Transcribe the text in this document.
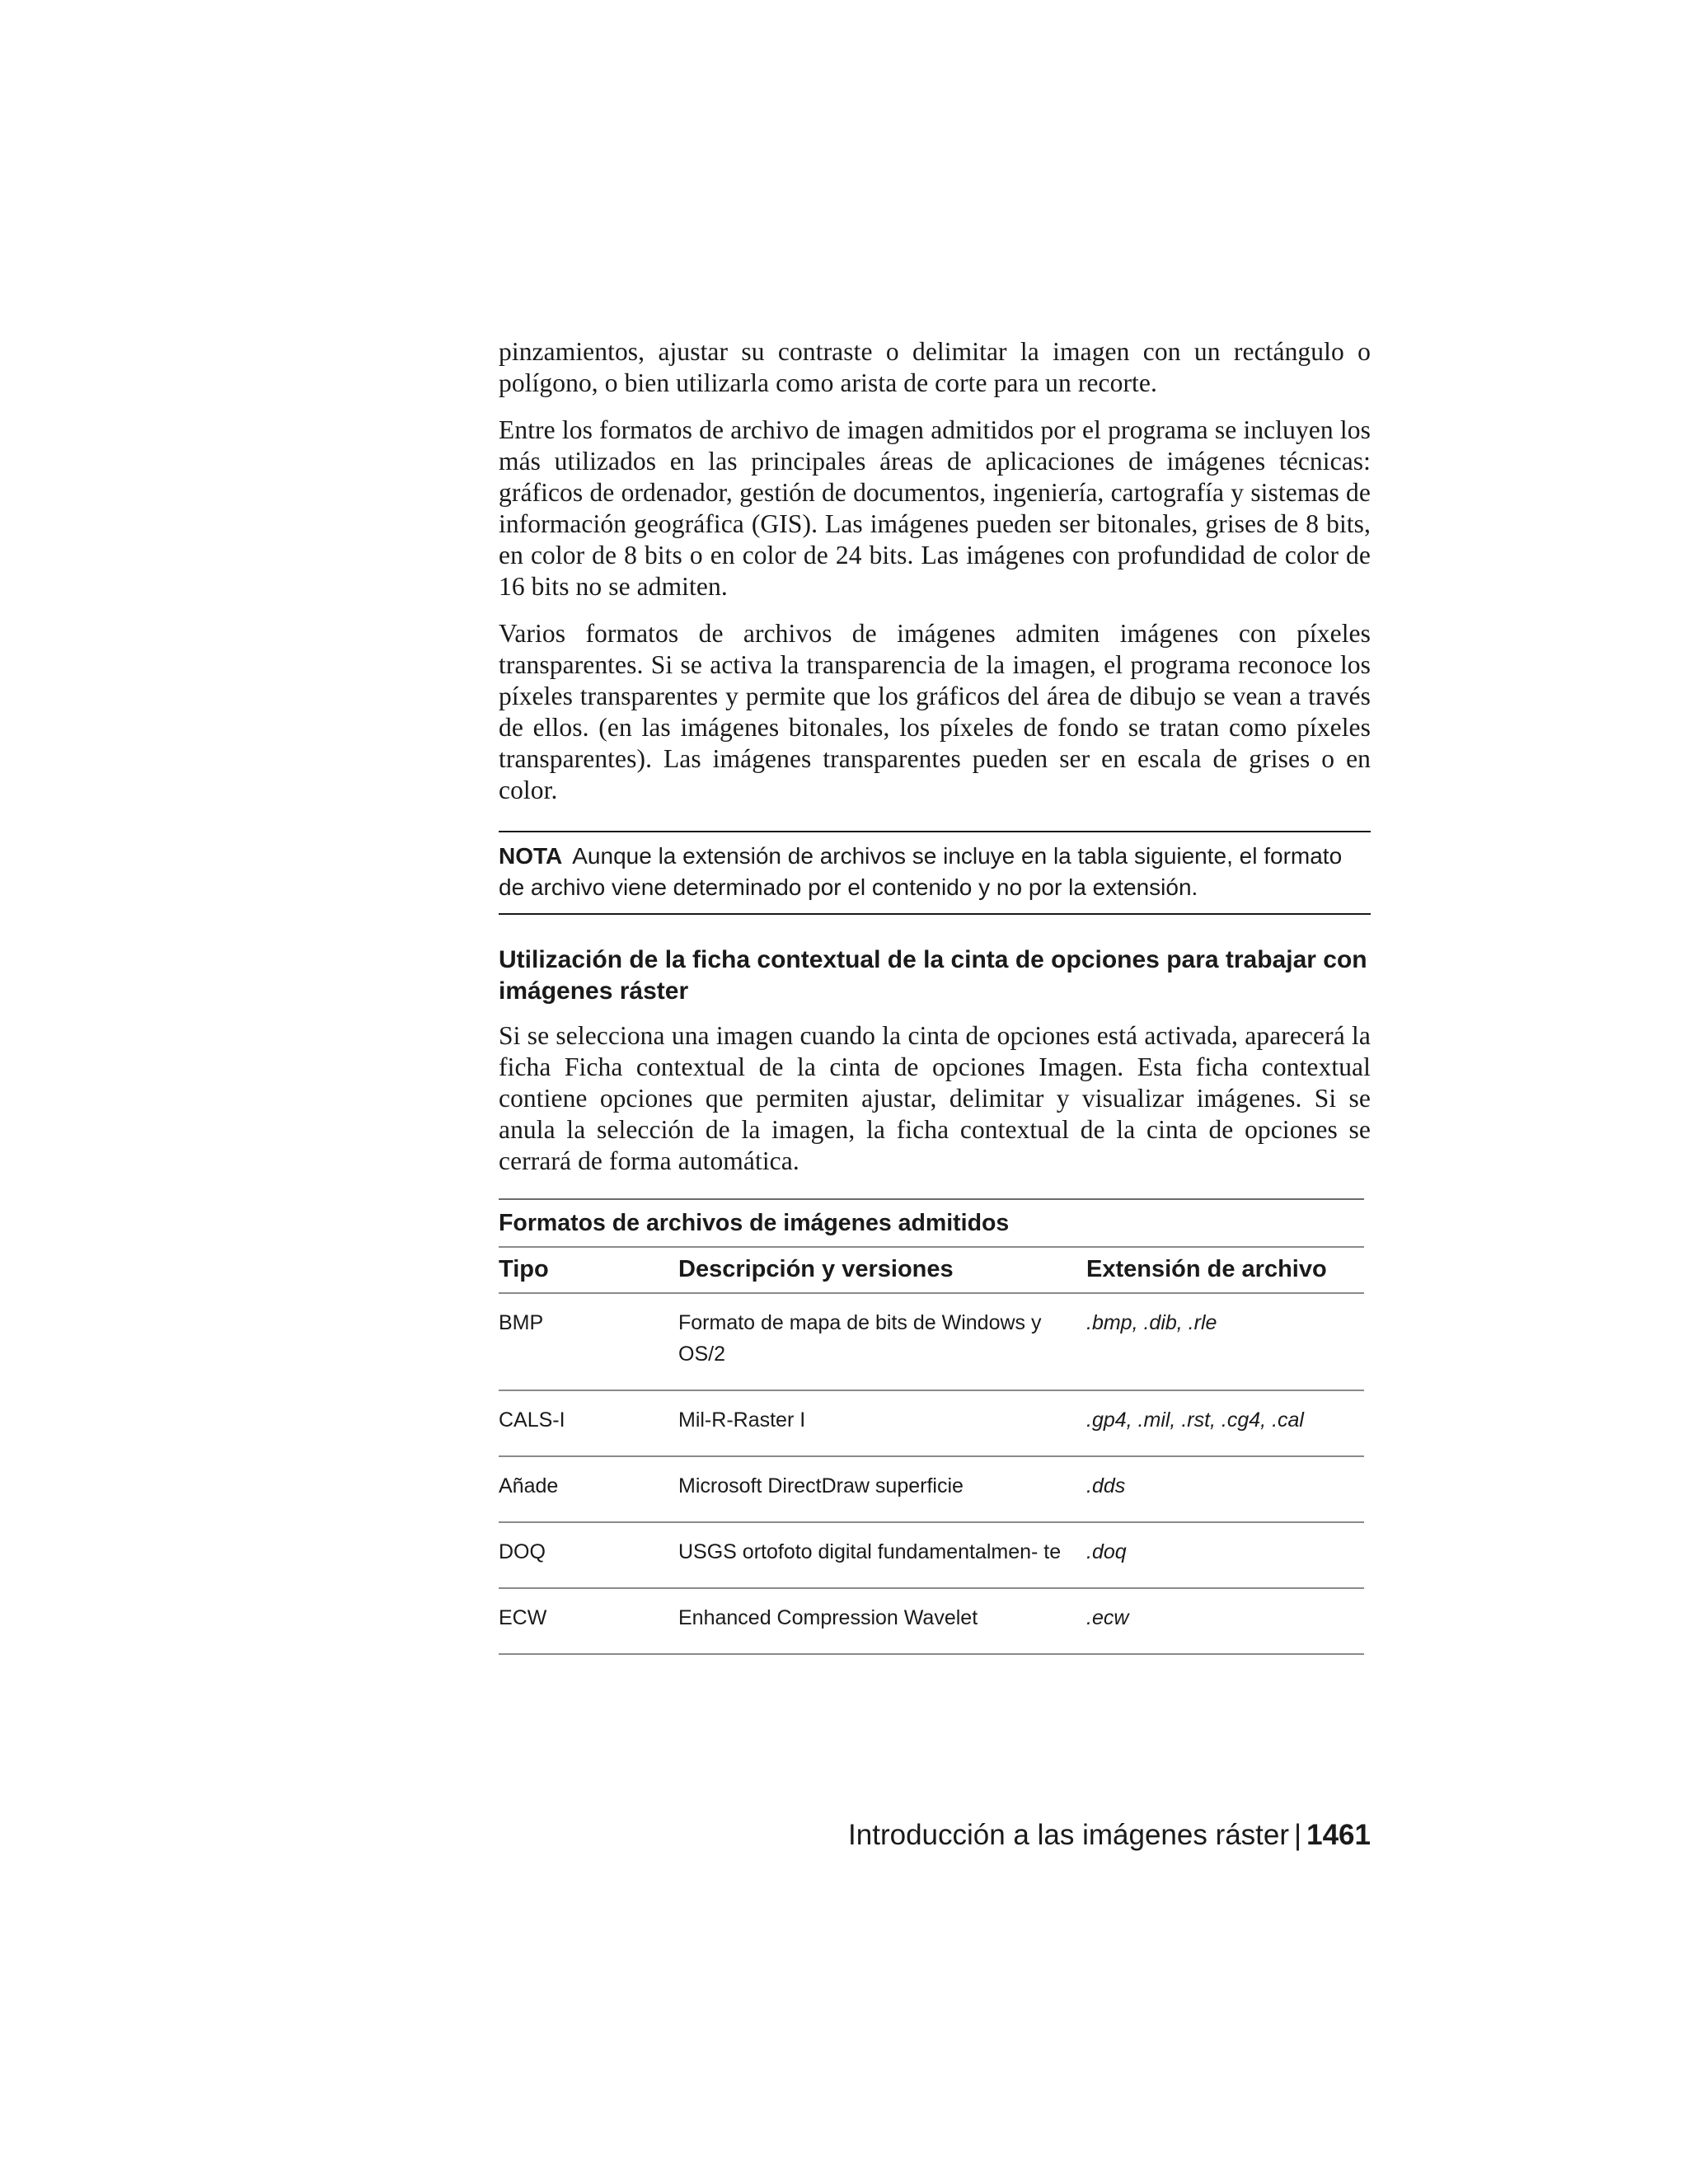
pinzamientos, ajustar su contraste o delimitar la imagen con un rectángulo o polígono, o bien utilizarla como arista de corte para un recorte.

Entre los formatos de archivo de imagen admitidos por el programa se incluyen los más utilizados en las principales áreas de aplicaciones de imágenes técnicas: gráficos de ordenador, gestión de documentos, ingeniería, cartografía y sistemas de información geográfica (GIS). Las imágenes pueden ser bitonales, grises de 8 bits, en color de 8 bits o en color de 24 bits. Las imágenes con profundidad de color de 16 bits no se admiten.

Varios formatos de archivos de imágenes admiten imágenes con píxeles transparentes. Si se activa la transparencia de la imagen, el programa reconoce los píxeles transparentes y permite que los gráficos del área de dibujo se vean a través de ellos. (en las imágenes bitonales, los píxeles de fondo se tratan como píxeles transparentes). Las imágenes transparentes pueden ser en escala de grises o en color.

NOTA Aunque la extensión de archivos se incluye en la tabla siguiente, el formato de archivo viene determinado por el contenido y no por la extensión.
Utilización de la ficha contextual de la cinta de opciones para trabajar con imágenes ráster

Si se selecciona una imagen cuando la cinta de opciones está activada, aparecerá la ficha Ficha contextual de la cinta de opciones Imagen. Esta ficha contextual contiene opciones que permiten ajustar, delimitar y visualizar imágenes. Si se anula la selección de la imagen, la ficha contextual de la cinta de opciones se cerrará de forma automática.

Formatos de archivos de imágenes admitidos
Tipo	Descripción y versiones	Extensión de archivo
BMP	Formato de mapa de bits de Windows y OS/2	.bmp, .dib, .rle
CALS-I	Mil-R-Raster I	.gp4, .mil, .rst, .cg4, .cal
Añade	Microsoft DirectDraw superficie	.dds
DOQ	USGS ortofoto digital fundamentalmen- te	.doq
ECW	Enhanced Compression Wavelet	.ecw
Introducción a las imágenes ráster | 1461
